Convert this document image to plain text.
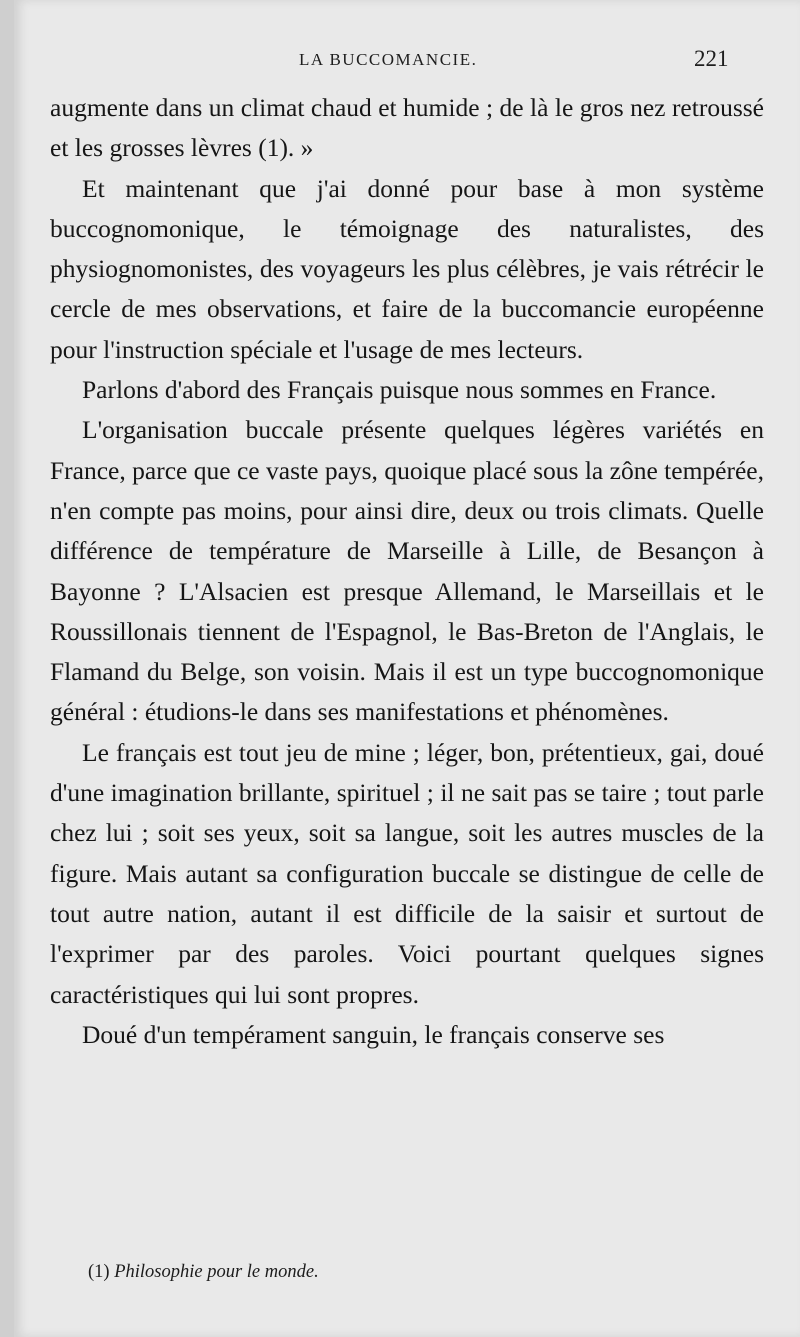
LA BUCCOMANCIE.	221

augmente dans un climat chaud et humide ; de là le gros nez retroussé et les grosses lèvres (1). »

Et maintenant que j'ai donné pour base à mon système buccognomonique, le témoignage des naturalistes, des physiognomonistes, des voyageurs les plus célèbres, je vais rétrécir le cercle de mes observations, et faire de la buccomancie européenne pour l'instruction spéciale et l'usage de mes lecteurs.

Parlons d'abord des Français puisque nous sommes en France.

L'organisation buccale présente quelques légères variétés en France, parce que ce vaste pays, quoique placé sous la zône tempérée, n'en compte pas moins, pour ainsi dire, deux ou trois climats. Quelle différence de température de Marseille à Lille, de Besançon à Bayonne ? L'Alsacien est presque Allemand, le Marseillais et le Roussillonais tiennent de l'Espagnol, le Bas-Breton de l'Anglais, le Flamand du Belge, son voisin. Mais il est un type buccognomonique général : étudions-le dans ses manifestations et phénomènes.

Le français est tout jeu de mine ; léger, bon, prétentieux, gai, doué d'une imagination brillante, spirituel ; il ne sait pas se taire ; tout parle chez lui ; soit ses yeux, soit sa langue, soit les autres muscles de la figure. Mais autant sa configuration buccale se distingue de celle de tout autre nation, autant il est difficile de la saisir et surtout de l'exprimer par des paroles. Voici pourtant quelques signes caractéristiques qui lui sont propres.

Doué d'un tempérament sanguin, le français conserve ses

(1) Philosophie pour le monde.
